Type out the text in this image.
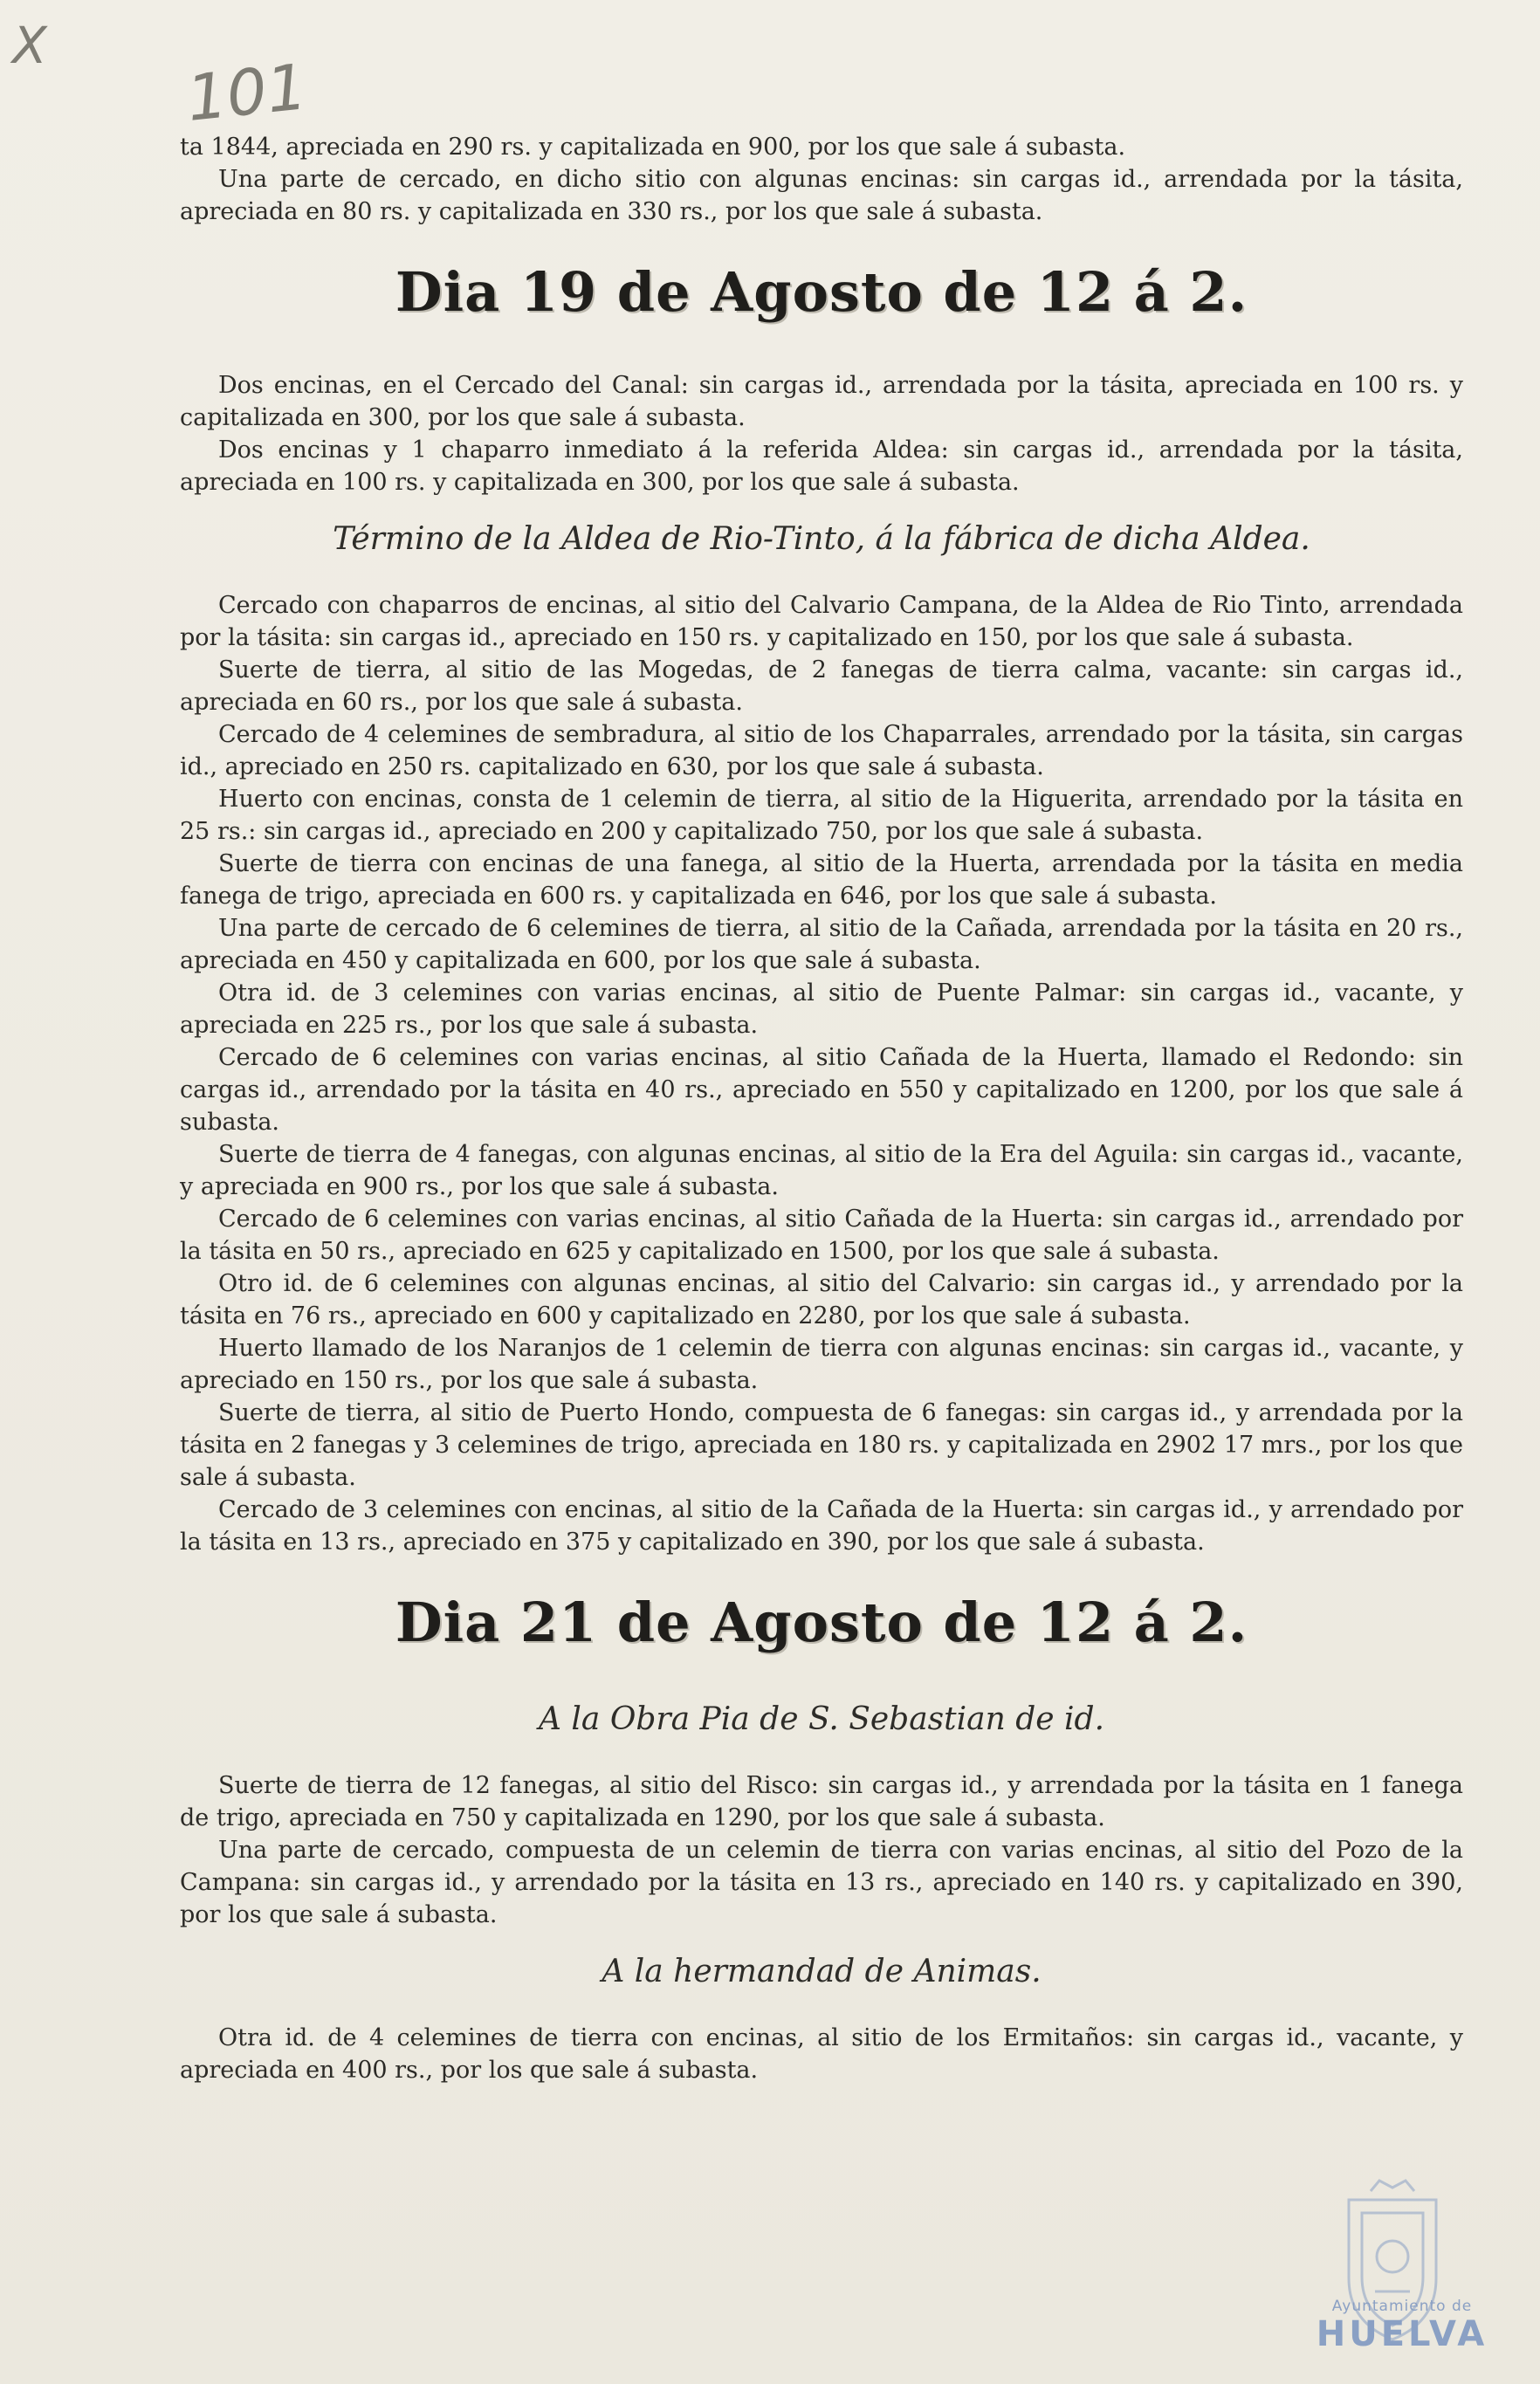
X
101

ta 1844, apreciada en 290 rs. y capitalizada en 900, por los que sale á subasta.

Una parte de cercado, en dicho sitio con algunas encinas: sin cargas id., arrendada por la tásita, apreciada en 80 rs. y capitalizada en 330 rs., por los que sale á subasta.

Dia 19 de Agosto de 12 á 2.

Dos encinas, en el Cercado del Canal: sin cargas id., arrendada por la tásita, apreciada en 100 rs. y capitalizada en 300, por los que sale á subasta.

Dos encinas y 1 chaparro inmediato á la referida Aldea: sin cargas id., arrendada por la tásita, apreciada en 100 rs. y capitalizada en 300, por los que sale á subasta.

Término de la Aldea de Rio-Tinto, á la fábrica de dicha Aldea.

Cercado con chaparros de encinas, al sitio del Calvario Campana, de la Aldea de Rio Tinto, arrendada por la tásita: sin cargas id., apreciado en 150 rs. y capitalizado en 150, por los que sale á subasta.

Suerte de tierra, al sitio de las Mogedas, de 2 fanegas de tierra calma, vacante: sin cargas id., apreciada en 60 rs., por los que sale á subasta.

Cercado de 4 celemines de sembradura, al sitio de los Chaparrales, arrendado por la tásita, sin cargas id., apreciado en 250 rs. capitalizado en 630, por los que sale á subasta.

Huerto con encinas, consta de 1 celemin de tierra, al sitio de la Higuerita, arrendado por la tásita en 25 rs.: sin cargas id., apreciado en 200 y capitalizado 750, por los que sale á subasta.

Suerte de tierra con encinas de una fanega, al sitio de la Huerta, arrendada por la tásita en media fanega de trigo, apreciada en 600 rs. y capitalizada en 646, por los que sale á subasta.

Una parte de cercado de 6 celemines de tierra, al sitio de la Cañada, arrendada por la tásita en 20 rs., apreciada en 450 y capitalizada en 600, por los que sale á subasta.

Otra id. de 3 celemines con varias encinas, al sitio de Puente Palmar: sin cargas id., vacante, y apreciada en 225 rs., por los que sale á subasta.

Cercado de 6 celemines con varias encinas, al sitio Cañada de la Huerta, llamado el Redondo: sin cargas id., arrendado por la tásita en 40 rs., apreciado en 550 y capitalizado en 1200, por los que sale á subasta.

Suerte de tierra de 4 fanegas, con algunas encinas, al sitio de la Era del Aguila: sin cargas id., vacante, y apreciada en 900 rs., por los que sale á subasta.

Cercado de 6 celemines con varias encinas, al sitio Cañada de la Huerta: sin cargas id., arrendado por la tásita en 50 rs., apreciado en 625 y capitalizado en 1500, por los que sale á subasta.

Otro id. de 6 celemines con algunas encinas, al sitio del Calvario: sin cargas id., y arrendado por la tásita en 76 rs., apreciado en 600 y capitalizado en 2280, por los que sale á subasta.

Huerto llamado de los Naranjos de 1 celemin de tierra con algunas encinas: sin cargas id., vacante, y apreciado en 150 rs., por los que sale á subasta.

Suerte de tierra, al sitio de Puerto Hondo, compuesta de 6 fanegas: sin cargas id., y arrendada por la tásita en 2 fanegas y 3 celemines de trigo, apreciada en 180 rs. y capitalizada en 2902 17 mrs., por los que sale á subasta.

Cercado de 3 celemines con encinas, al sitio de la Cañada de la Huerta: sin cargas id., y arrendado por la tásita en 13 rs., apreciado en 375 y capitalizado en 390, por los que sale á subasta.

Dia 21 de Agosto de 12 á 2.
A la Obra Pia de S. Sebastian de id.

Suerte de tierra de 12 fanegas, al sitio del Risco: sin cargas id., y arrendada por la tásita en 1 fanega de trigo, apreciada en 750 y capitalizada en 1290, por los que sale á subasta.

Una parte de cercado, compuesta de un celemin de tierra con varias encinas, al sitio del Pozo de la Campana: sin cargas id., y arrendado por la tásita en 13 rs., apreciado en 140 rs. y capitalizado en 390, por los que sale á subasta.

A la hermandad de Animas.

Otra id. de 4 celemines de tierra con encinas, al sitio de los Ermitaños: sin cargas id., vacante, y apreciada en 400 rs., por los que sale á subasta.

Ayuntamiento de
HUELVA
